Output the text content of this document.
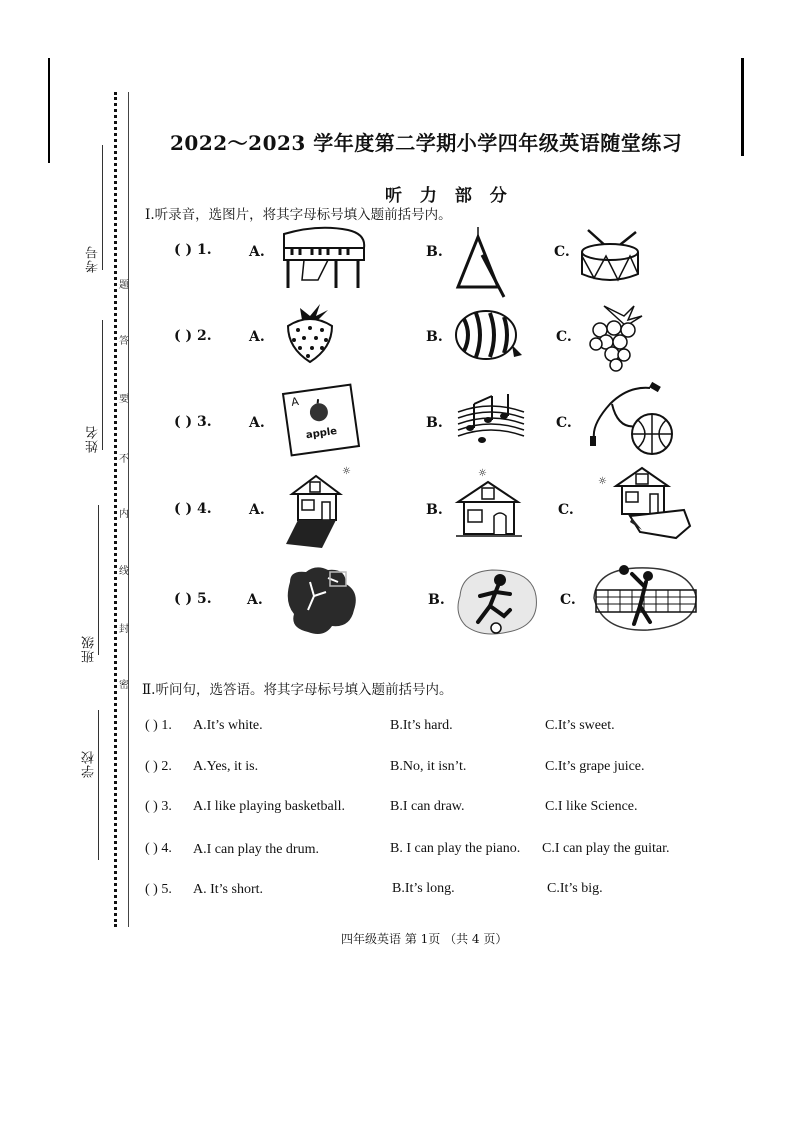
考号
姓名
班级
学校
题
答
要
不
内
线
封
密
2022～2023 学年度第二学期小学四年级英语随堂练习
听 力 部 分
Ⅰ.听录音，选图片，将其字母标号填入题前括号内。
( ) 1.	A.	B.	C.
( ) 2.	A.	B.	C.
( ) 3.	A.	B.	C.
A
apple
( ) 4.	A.	B.	C.
☼	☼
☼
( ) 5.	A.	B.	C.
Ⅱ.听问句，选答语。将其字母标号填入题前括号内。
( ) 1. A.It’s white.	B.It’s hard.	C.It’s sweet.
( ) 2. A.Yes, it is.	B.No, it isn’t.	C.It’s grape juice.
( ) 3. A.I like playing basketball.	B.I can draw.	C.I like Science.
( ) 4. A.I can play the drum.	B. I can play the piano. C.I can play the guitar.
( ) 5. A. It’s short.	B.It’s long.	C.It’s big.
四年级英语 第 1页 （共 4 页）
